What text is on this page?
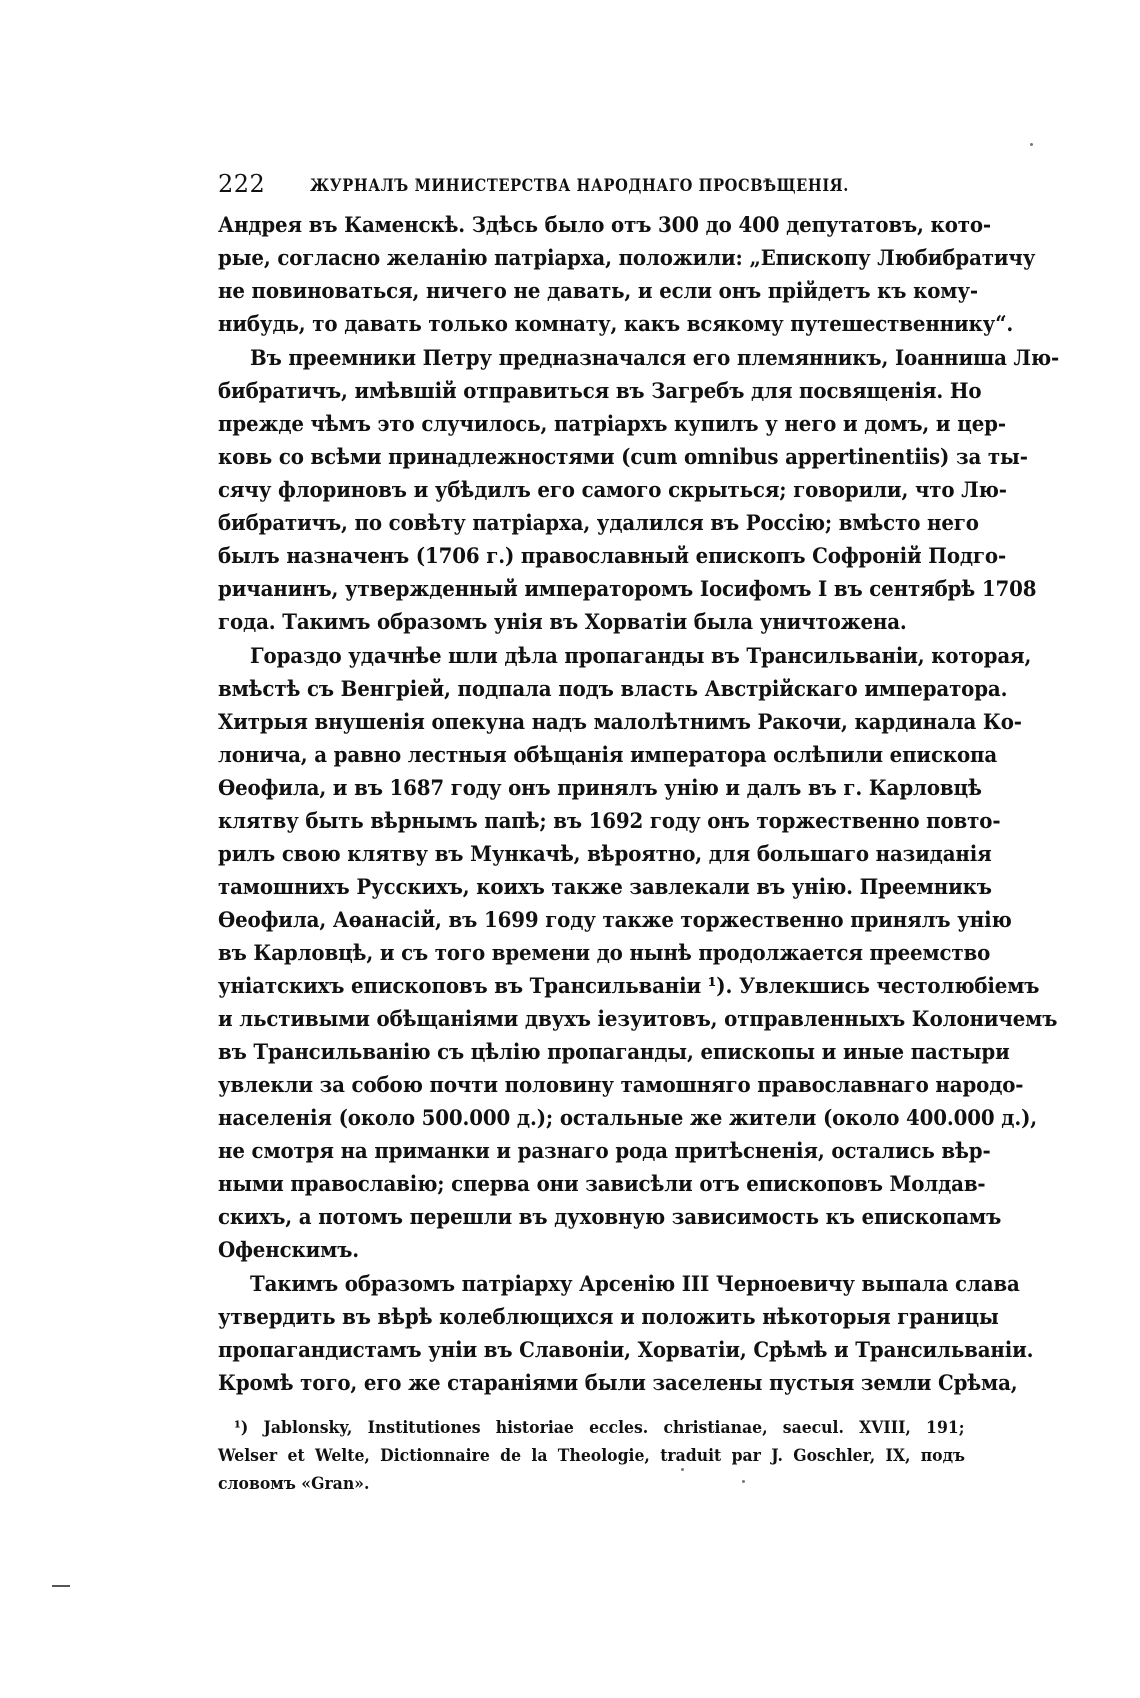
222	ЖУРНАЛЪ МИНИСТЕРСТВА НАРОДНАГО ПРОСВѢЩЕНІЯ.
Андрея въ Каменскѣ. Здѣсь было отъ 300 до 400 депутатовъ, кото-
рые, согласно желанію патріарха, положили: „Епископу Любибратичу
не повиноваться, ничего не давать, и если онъ прійдетъ къ кому-
нибудь, то давать только комнату, какъ всякому путешественнику“.
Въ преемники Петру предназначался его племянникъ, Іоанниша Лю-
бибратичъ, имѣвшій отправиться въ Загребъ для посвященія. Но
прежде чѣмъ это случилось, патріархъ купилъ у него и домъ, и цер-
ковь со всѣми принадлежностями (cum omnibus appertinentiis) за ты-
сячу флориновъ и убѣдилъ его самого скрыться; говорили, что Лю-
бибратичъ, по совѣту патріарха, удалился въ Россію; вмѣсто него
былъ назначенъ (1706 г.) православный епископъ Софроній Подго-
ричанинъ, утвержденный императоромъ Іосифомъ I въ сентябрѣ 1708
года. Такимъ образомъ унія въ Хорватіи была уничтожена.
Гораздо удачнѣе шли дѣла пропаганды въ Трансильваніи, которая,
вмѣстѣ съ Венгріей, подпала подъ власть Австрійскаго императора.
Хитрыя внушенія опекуна надъ малолѣтнимъ Ракочи, кардинала Ко-
лонича, а равно лестныя обѣщанія императора ослѣпили епископа
Ѳеофила, и въ 1687 году онъ принялъ унію и далъ въ г. Карловцѣ
клятву быть вѣрнымъ папѣ; въ 1692 году онъ торжественно повто-
рилъ свою клятву въ Мункачѣ, вѣроятно, для большаго назиданія
тамошнихъ Русскихъ, коихъ также завлекали въ унію. Преемникъ
Ѳеофила, Аѳанасій, въ 1699 году также торжественно принялъ унію
въ Карловцѣ, и съ того времени до нынѣ продолжается преемство
уніатскихъ епископовъ въ Трансильваніи ¹). Увлекшись честолюбіемъ
и льстивыми обѣщаніями двухъ іезуитовъ, отправленныхъ Колоничемъ
въ Трансильванію съ цѣлію пропаганды, епископы и иные пастыри
увлекли за собою почти половину тамошняго православнаго народо-
населенія (около 500.000 д.); остальные же жители (около 400.000 д.),
не смотря на приманки и разнаго рода притѣсненія, остались вѣр-
ными православію; сперва они зависѣли отъ епископовъ Молдав-
скихъ, а потомъ перешли въ духовную зависимость къ епископамъ
Офенскимъ.
Такимъ образомъ патріарху Арсенію III Черноевичу выпала слава
утвердить въ вѣрѣ колеблющихся и положить нѣкоторыя границы
пропагандистамъ уніи въ Славоніи, Хорватіи, Срѣмѣ и Трансильваніи.
Кромѣ того, его же стараніями были заселены пустыя земли Срѣма,
¹) Jablonsky, Institutiones historiae eccles. christianae, saecul. XVIII, 191;
Welser et Welte, Dictionnaire de la Theologie, traduit par J. Goschler, IX, подъ
словомъ «Gran».
